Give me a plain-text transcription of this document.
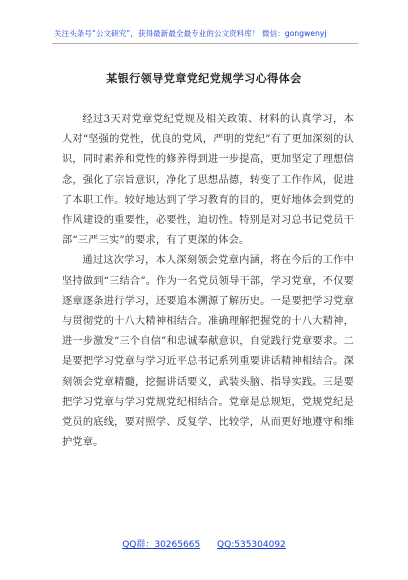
关注头条号“公文研究”，获得最新最全最专业的公文资料库！ 微信：gongwenyj
某银行领导党章党纪党规学习心得体会

经过3天对党章党纪党规及相关政策、材料的认真学习，本人对“坚强的党性，优良的党风，严明的党纪”有了更加深刻的认识，同时素养和党性的修养得到进一步提高，更加坚定了理想信念，强化了宗旨意识，净化了思想品德，转变了工作作风，促进了本职工作。较好地达到了学习教育的目的，更好地体会到党的作风建设的重要性，必要性，迫切性。特别是对习总书记党员干部“三严三实”的要求，有了更深的体会。

通过这次学习，本人深刻领会党章内涵，将在今后的工作中坚持做到“三结合”。作为一名党员领导干部，学习党章，不仅要逐章逐条进行学习，还要追本溯源了解历史。一是要把学习党章与贯彻党的十八大精神相结合。准确理解把握党的十八大精神，进一步激发“三个自信”和忠诚奉献意识，自觉践行党章要求。二是要把学习党章与学习近平总书记系列重要讲话精神相结合。深刻领会党章精髓，挖掘讲话要义，武装头脑、指导实践。三是要把学习党章与学习党规党纪相结合。党章是总规矩，党规党纪是党员的底线，要对照学、反复学、比较学，从而更好地遵守和维护党章。

QQ群：30265665 QQ:535304092
